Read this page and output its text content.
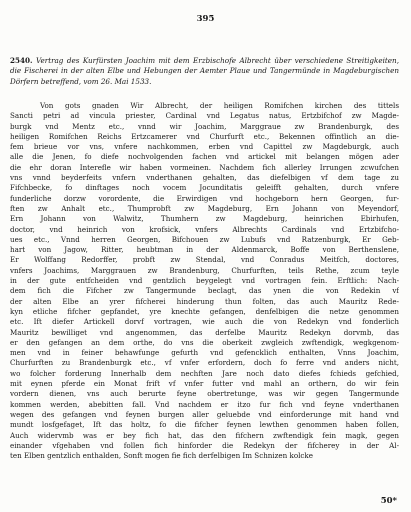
395
2540. Vertrag des Kurfürsten Joachim mit dem Erzbischofe Albrecht über verschiedene Streitigkeiten, die Fischerei in der alten Elbe und Hebungen der Aemter Plaue und Tangermünde in Magdeburgischen Dörfern betreffend, vom 26. Mai 1533.
Von gots gnaden Wir Albrecht, der heiligen Romifchen kirchen des tittels
Sancti petri ad vincula priester, Cardinal vnd Legatus natus, Ertzbifchof zw Magde-
burgk vnd Mentz etc., vnnd wir Joachim, Marggraue zw Brandenburgk, des
heiligen Romifchen Reichs Ertzcamerer vnd Churfurft etc., Bekennen offintlich an die-
fem brieue vor vns, vnfere nachkommen, erben vnd Capittel zw Magdeburgk, auch
alle die Jenen, fo diefe nochvolgenden fachen vnd artickel mit belangen mögen ader
die ehr doran Interefle wir haben vormeinen. Nachdem fich allerley Irrungen zcwufchen
vns vnnd beyderfeits vnfern vnderthanen gehalten, das diefelbigen vf dem tage zu
Fifchbecke, fo dinftages noch vocem Jocunditatis geleifft gehalten, durch vnfere
funderliche dorzw vorordente, die Erwirdigen vnd hochgeborn hern Georgen, fur-
ften zw Anhalt etc., Thumprobft zw Magdeburg, Ern Johann von Meyendorf,
Ern Johann von Walwitz, Thumhern zw Magdeburg, heinrichen Ebirhufen,
doctor, vnd heinrich von krofsick, vnfers Albrechts Cardinals vnd Ertzbifcho-
ues etc., Vnnd herren Georgen, Bifchouen zw Lubufs vnd Ratzenburgk, Er Geb-
hart von Jagow, Ritter, heubtman in der Aldenmarck, Boffe von Berthenslene,
Er Wolffang Redorffer, probft zw Stendal, vnd Conradus Meitfch, doctores,
vnfers Joachims, Marggrauen zw Brandenburg, Churfurften, teils Rethe, zcum teyle
in der gute entfcheiden vnd gentzlich beygelegt vnd vortragen fein. Erftlich: Nach-
dem fich die Fifcher zw Tangermunde beclagt, das ynen die von Redekin vf
der alten Elbe an yrer fifcherei hinderung thun folten, das auch Mauritz Rede-
kyn etliche fifcher gepfandet, yre knechte gefangen, denfelbigen die netze genommen
etc. Ift diefer Artickell dorvf vortragen, wie auch die von Redekyn vnd fonderlich
Mauritz bewilliget vnd angenommen, das derfelbe Mauritz Redekyn dorvmb, das
er den gefangen an dem orthe, do vns die oberkeit zwgleich zwftendigk, wegkgenom-
men vnd in feiner behawfunge gefurth vnd gefencklich enthalten, Vnns Joachim,
Churfurften zu Brandenburgk etc., vf vnfer erfordern, doch fo ferre vnd anders nicht,
wo folcher forderung Innerhalb dem nechften Jare noch dato diefes fchieds gefchied,
mit eynen pferde ein Monat frift vf vnfer futter vnd mahl an orthern, do wir fein
vordern dienen, vns auch berurte feyne obertretunge, was wir gegen Tangermunde
kommen werden, abebitten fall. Vnd nachdem er itzo fur fich vnd feyne vnderthanen
wegen des gefangen vnd feynen burgen aller geluebde vnd einforderunge mit hand vnd
mundt losfgefaget, Ift das holtz, fo die fifcher feynen lewthen genommen haben follen,
Auch widervmb was er bey fich hat, das den fifchern zwftendigk fein magk, gegen
einander vfgehaben vnd follen fich hinforder die Redekyn der fifcherey in der Al-
ten Elben gentzlich enthalden, Sonft mogen fie fich derfelbigen Im Schnizen kolcke
50*
